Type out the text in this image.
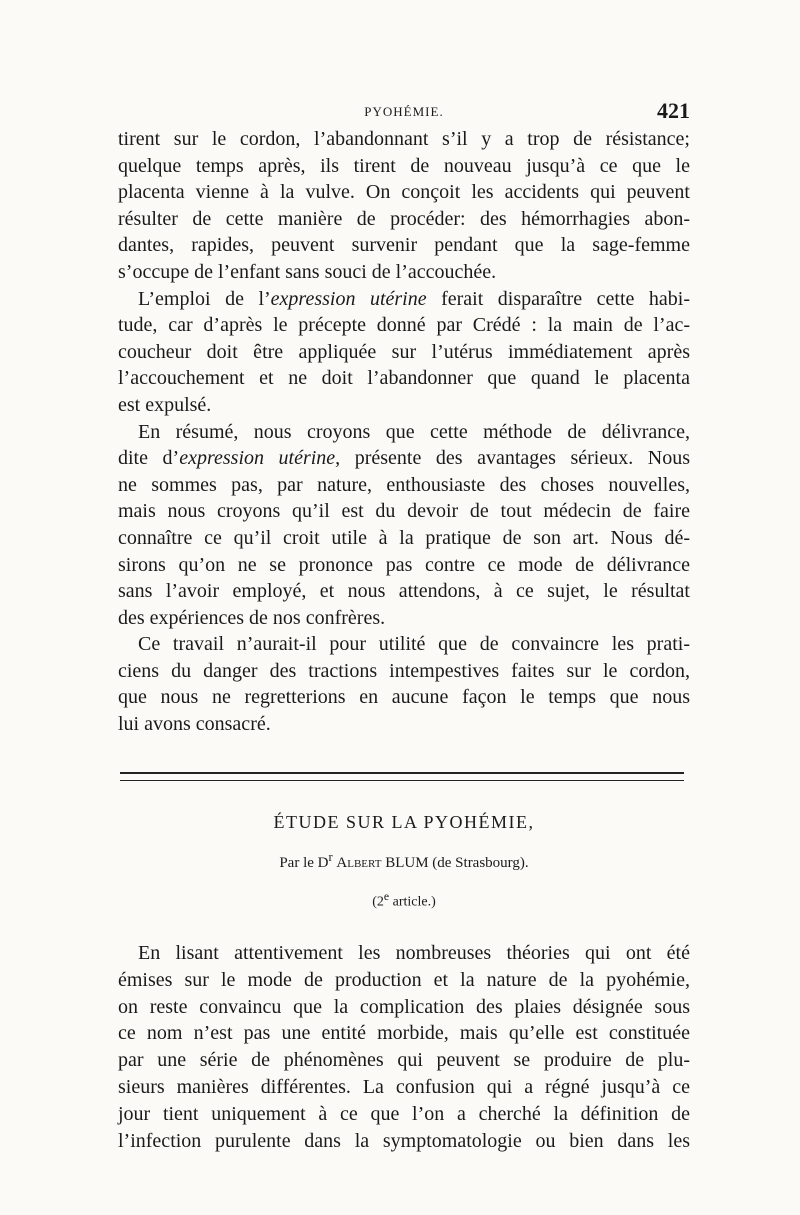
PYOHÉMIE.	421

tirent sur le cordon, l’abandonnant s’il y a trop de résistance;
quelque temps après, ils tirent de nouveau jusqu’à ce que le
placenta vienne à la vulve. On conçoit les accidents qui peuvent
résulter de cette manière de procéder: des hémorrhagies abon-
dantes, rapides, peuvent survenir pendant que la sage-femme
s’occupe de l’enfant sans souci de l’accouchée.

 L’emploi de l’expression utérine ferait disparaître cette habi-
tude, car d’après le précepte donné par Crédé : la main de l’ac-
coucheur doit être appliquée sur l’utérus immédiatement après
l’accouchement et ne doit l’abandonner que quand le placenta
est expulsé.

 En résumé, nous croyons que cette méthode de délivrance,
dite d’expression utérine, présente des avantages sérieux. Nous
ne sommes pas, par nature, enthousiaste des choses nouvelles,
mais nous croyons qu’il est du devoir de tout médecin de faire
connaître ce qu’il croit utile à la pratique de son art. Nous dé-
sirons qu’on ne se prononce pas contre ce mode de délivrance
sans l’avoir employé, et nous attendons, à ce sujet, le résultat
des expériences de nos confrères.

 Ce travail n’aurait-il pour utilité que de convaincre les prati-
ciens du danger des tractions intempestives faites sur le cordon,
que nous ne regretterions en aucune façon le temps que nous
lui avons consacré.

ÉTUDE SUR LA PYOHÉMIE,
Par le $D^r$ Albert BLUM (de Strasbourg).
(2e article.)

 En lisant attentivement les nombreuses théories qui ont été
émises sur le mode de production et la nature de la pyohémie,
on reste convaincu que la complication des plaies désignée sous
ce nom n’est pas une entité morbide, mais qu’elle est constituée
par une série de phénomènes qui peuvent se produire de plu-
sieurs manières différentes. La confusion qui a régné jusqu’à ce
jour tient uniquement à ce que l’on a cherché la définition de
l’infection purulente dans la symptomatologie ou bien dans les
